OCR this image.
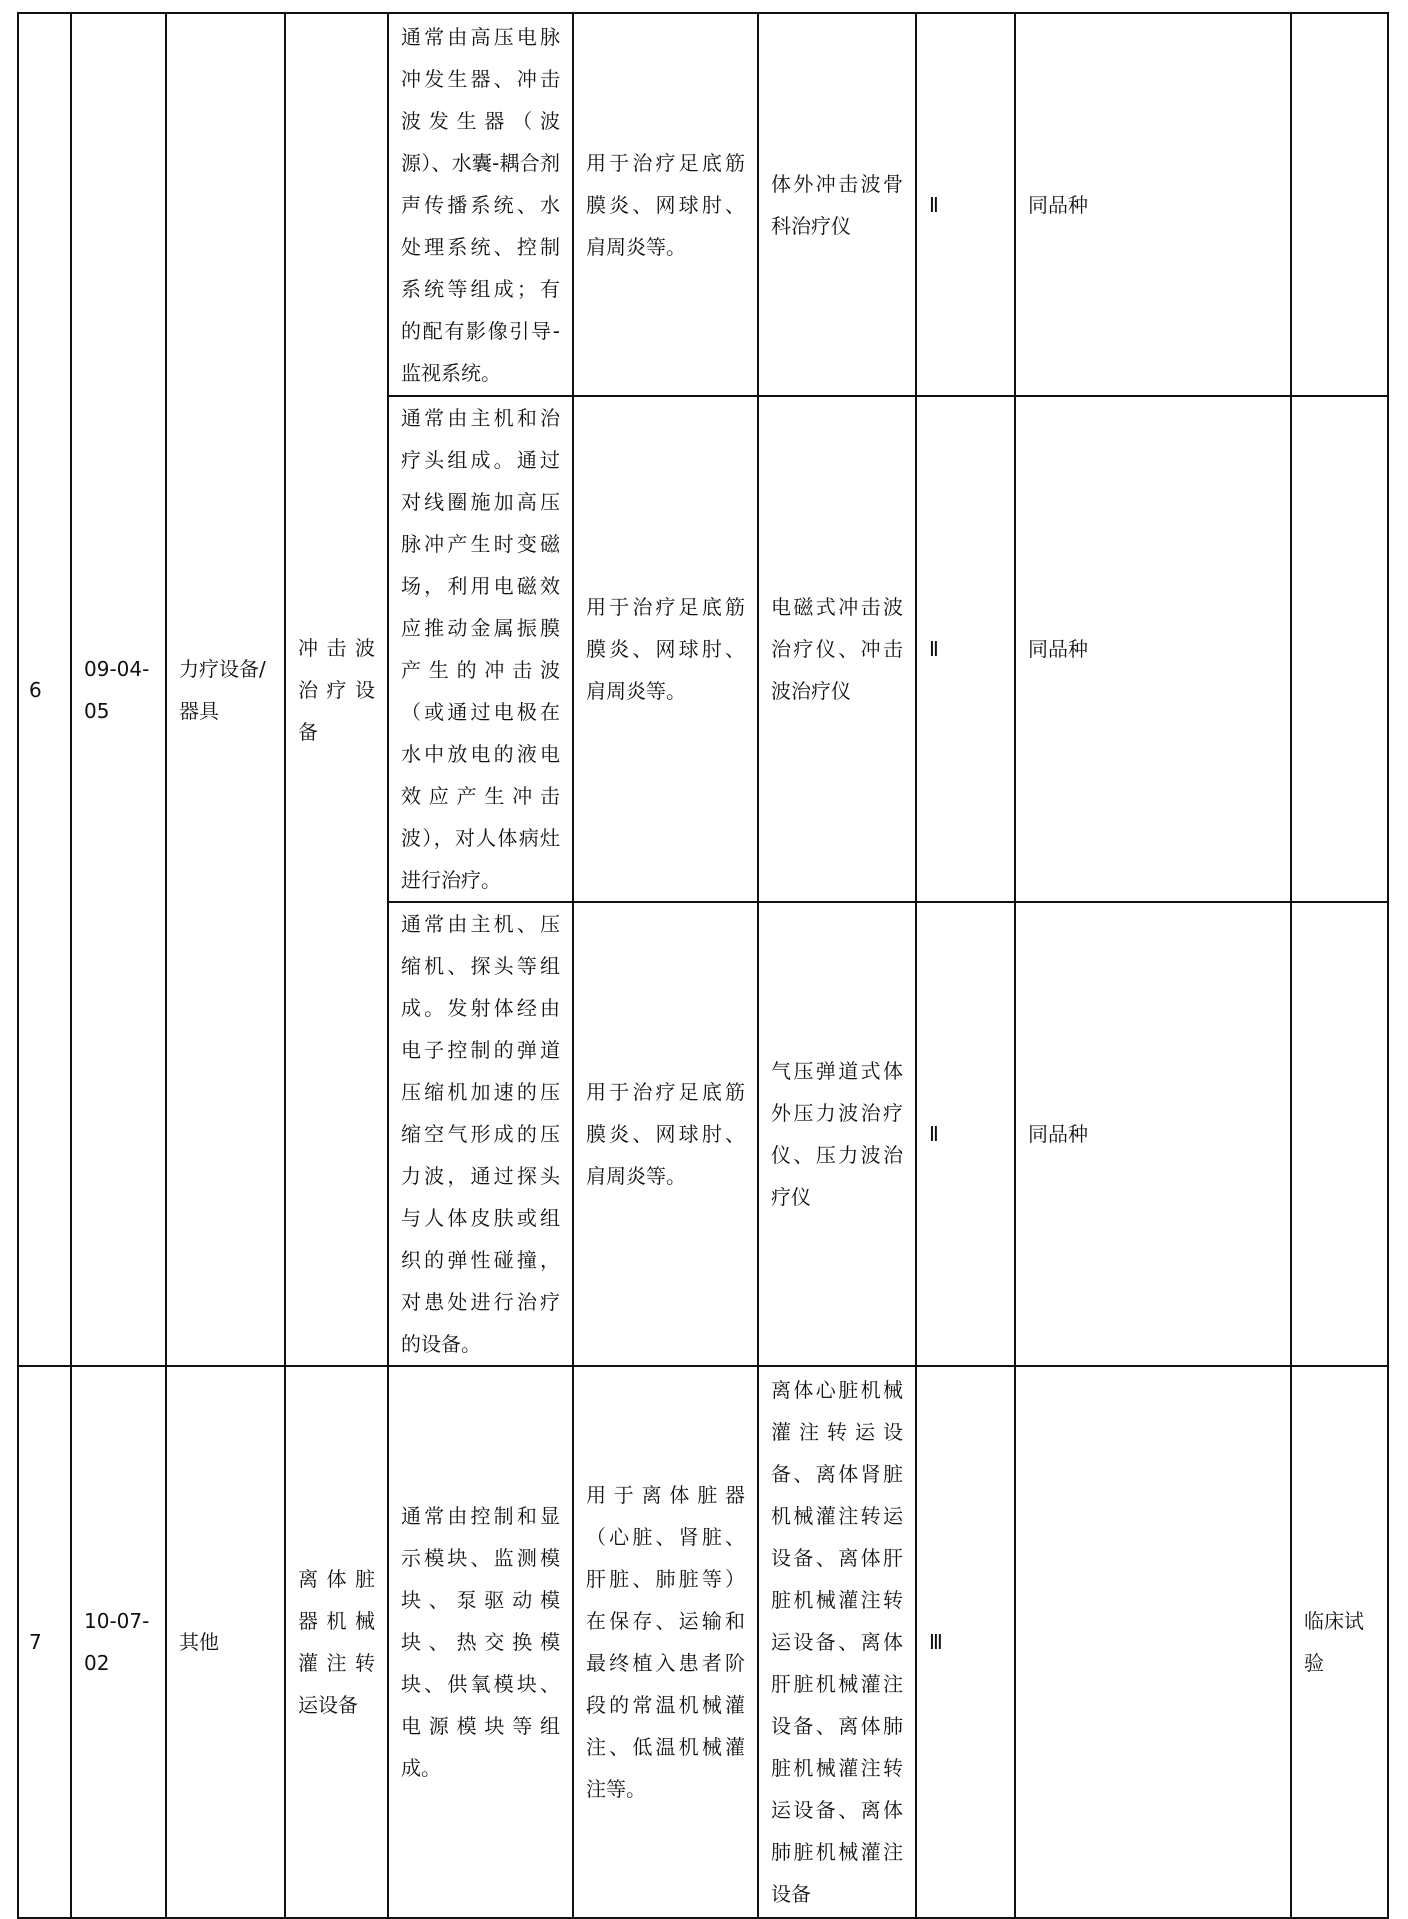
6	09-04-05	力疗设备/器具	冲击波治疗设备	通常由高压电脉冲发生器、冲击波发生器（波源）、水囊-耦合剂声传播系统、水处理系统、控制系统等组成；有的配有影像引导-监视系统。	用于治疗足底筋膜炎、网球肘、肩周炎等。	体外冲击波骨科治疗仪	Ⅱ	同品种	
				通常由主机和治疗头组成。通过对线圈施加高压脉冲产生时变磁场，利用电磁效应推动金属振膜产生的冲击波（或通过电极在水中放电的液电效应产生冲击波），对人体病灶进行治疗。	用于治疗足底筋膜炎、网球肘、肩周炎等。	电磁式冲击波治疗仪、冲击波治疗仪	Ⅱ	同品种	
				通常由主机、压缩机、探头等组成。发射体经由电子控制的弹道压缩机加速的压缩空气形成的压力波，通过探头与人体皮肤或组织的弹性碰撞，对患处进行治疗的设备。	用于治疗足底筋膜炎、网球肘、肩周炎等。	气压弹道式体外压力波治疗仪、压力波治疗仪	Ⅱ	同品种	
7	10-07-02	其他	离体脏器机械灌注转运设备	通常由控制和显示模块、监测模块、泵驱动模块、热交换模块、供氧模块、电源模块等组成。	用于离体脏器（心脏、肾脏、肝脏、肺脏等）在保存、运输和最终植入患者阶段的常温机械灌注、低温机械灌注等。	离体心脏机械灌注转运设备、离体肾脏机械灌注转运设备、离体肝脏机械灌注转运设备、离体肝脏机械灌注设备、离体肺脏机械灌注转运设备、离体肺脏机械灌注设备	Ⅲ		临床试验
